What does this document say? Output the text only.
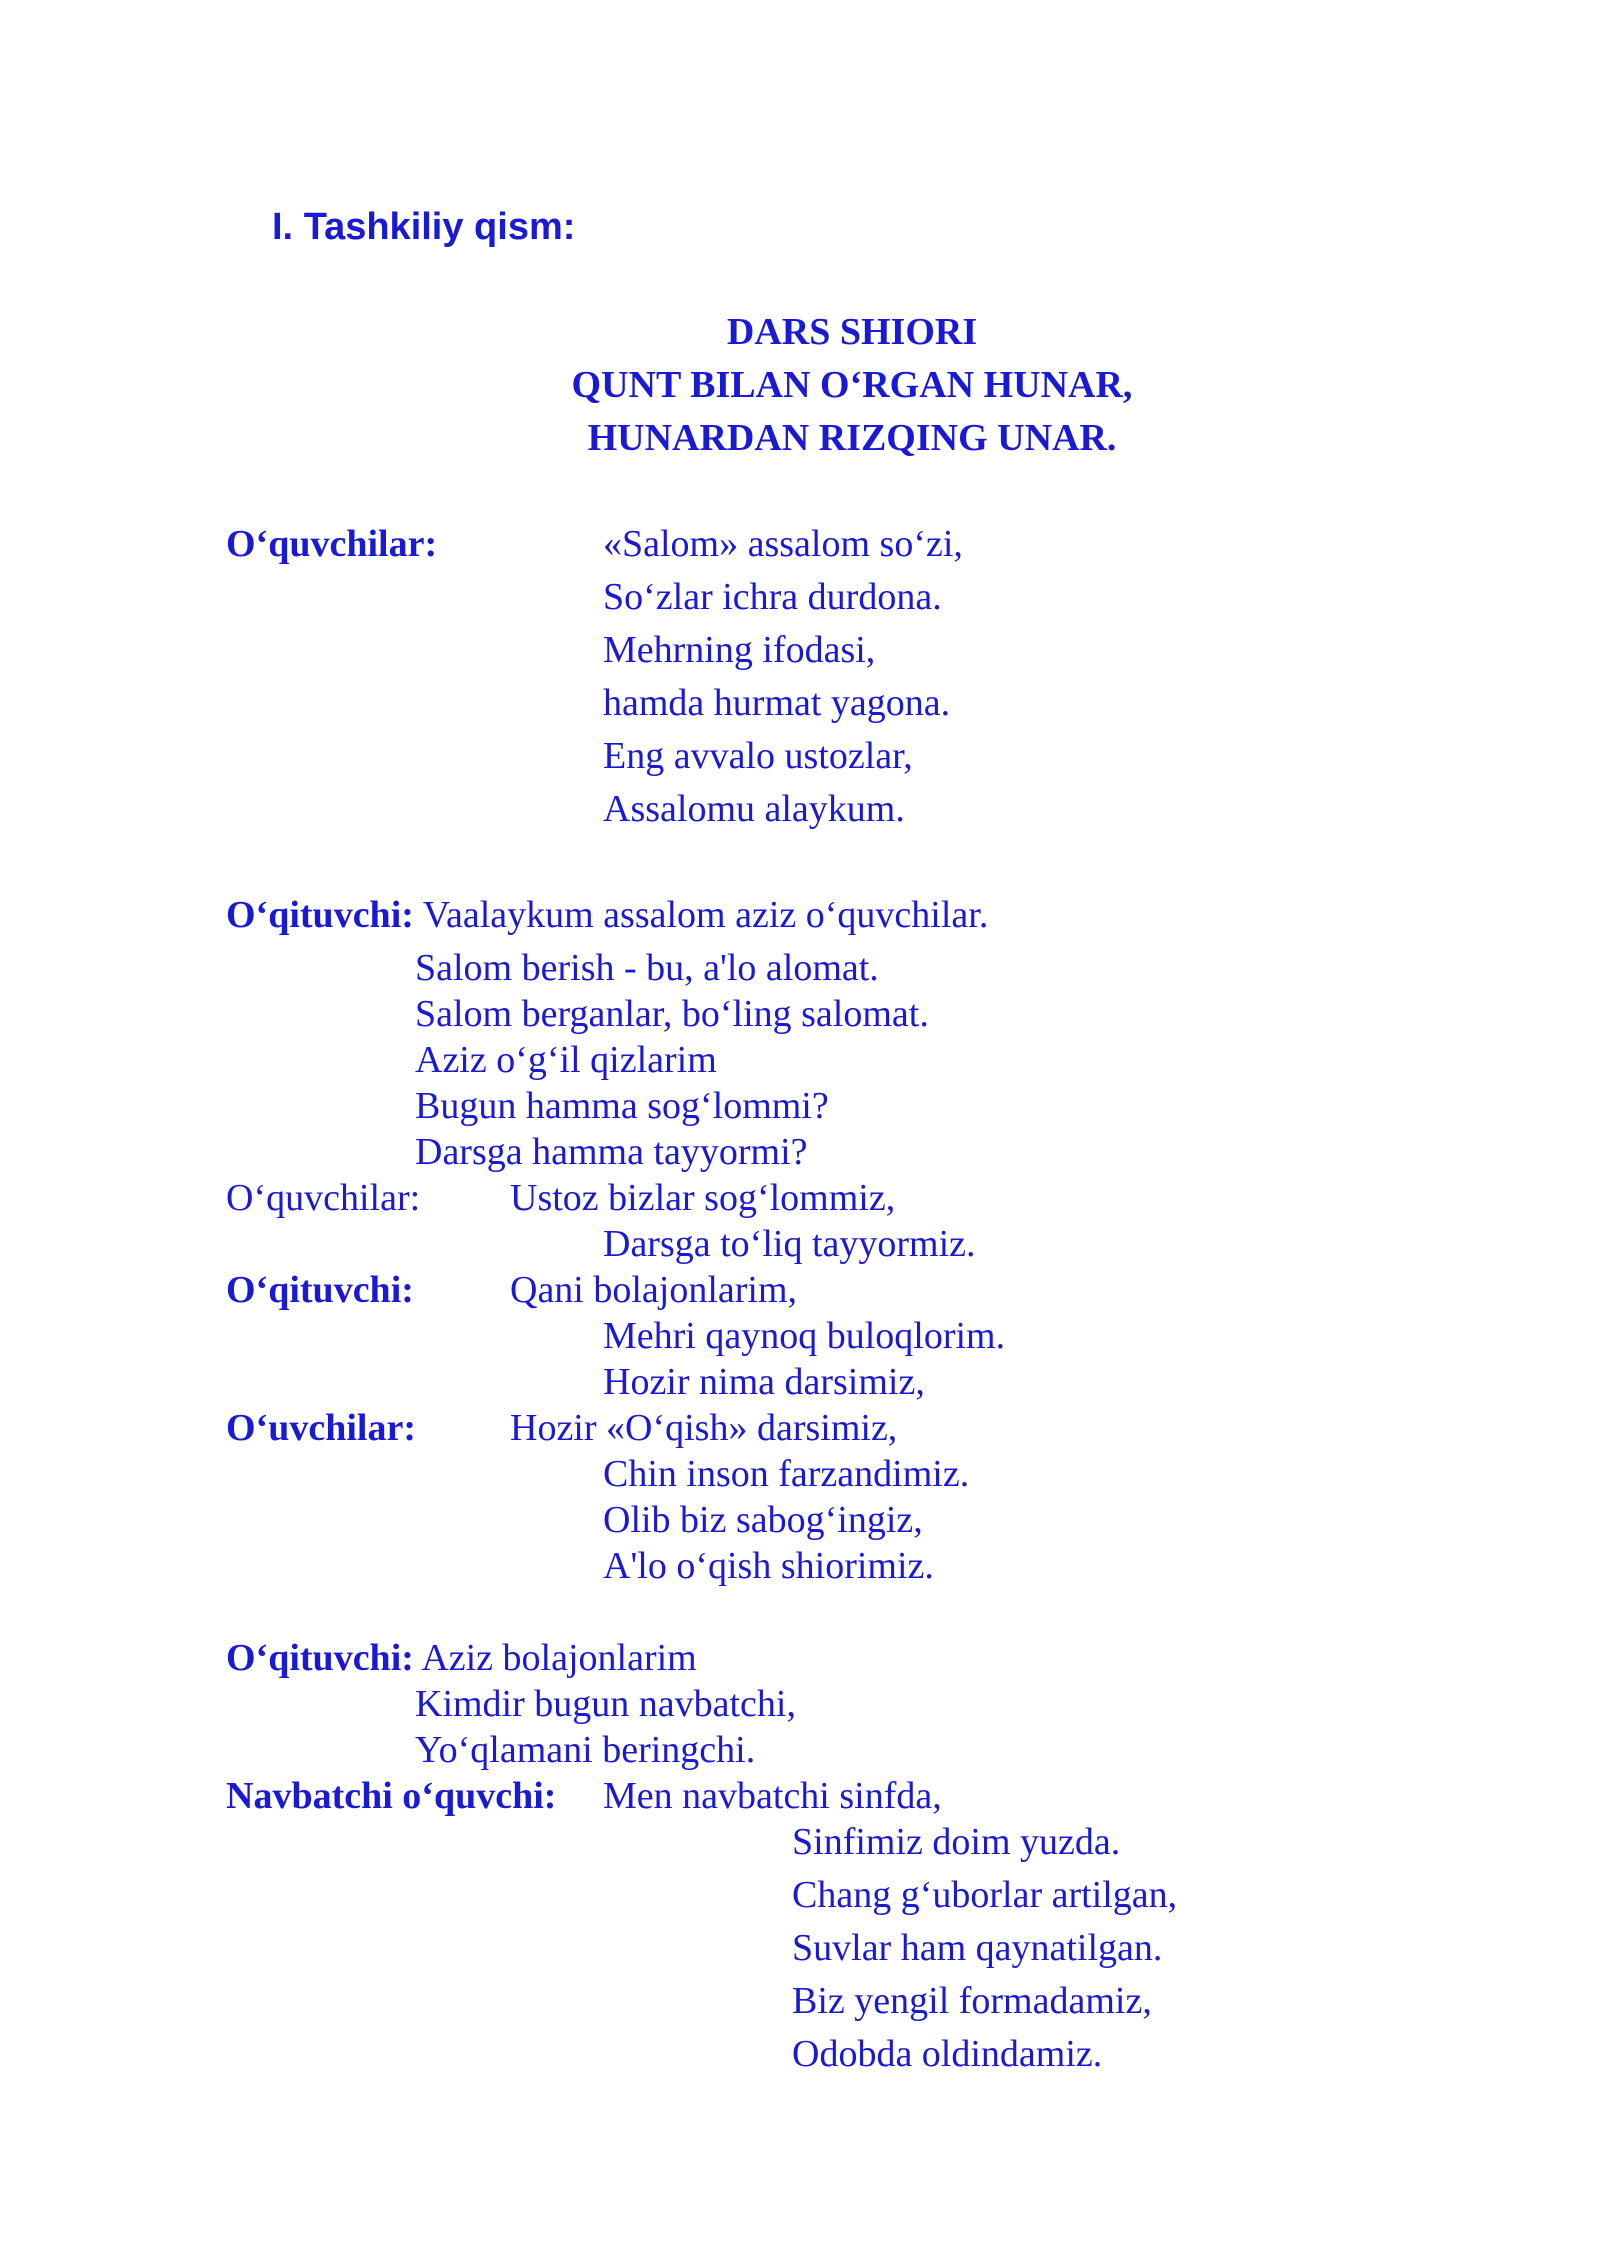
I. Tashkiliy qism:
DARS SHIORI
QUNT BILAN O‘RGAN HUNAR,
HUNARDAN RIZQING UNAR.
O‘quvchilar:	«Salom» assalom so‘zi,
So‘zlar ichra durdona.
Mehrning ifodasi,
hamda hurmat yagona.
Eng avvalo ustozlar,
Assalomu alaykum.
O‘qituvchi: Vaalaykum assalom aziz o‘quvchilar.
Salom berish - bu, a'lo alomat.
Salom berganlar, bo‘ling salomat.
Aziz o‘g‘il qizlarim
Bugun hamma sog‘lommi?
Darsga hamma tayyormi?
O‘quvchilar: Ustoz bizlar sog‘lommiz,
Darsga to‘liq tayyormiz.
O‘qituvchi:	Qani bolajonlarim,
Mehri qaynoq buloqlorim.
Hozir nima darsimiz,
O‘uvchilar: Hozir «O‘qish» darsimiz,
Chin inson farzandimiz.
Olib biz sabog‘ingiz,
A'lo o‘qish shiorimiz.
O‘qituvchi: Aziz bolajonlarim
Kimdir bugun navbatchi,
Yo‘qlamani beringchi.
Navbatchi o‘quvchi: Men navbatchi sinfda,
Sinfimiz doim yuzda.
Chang g‘uborlar artilgan,
Suvlar ham qaynatilgan.
Biz yengil formadamiz,
Odobda oldindamiz.
